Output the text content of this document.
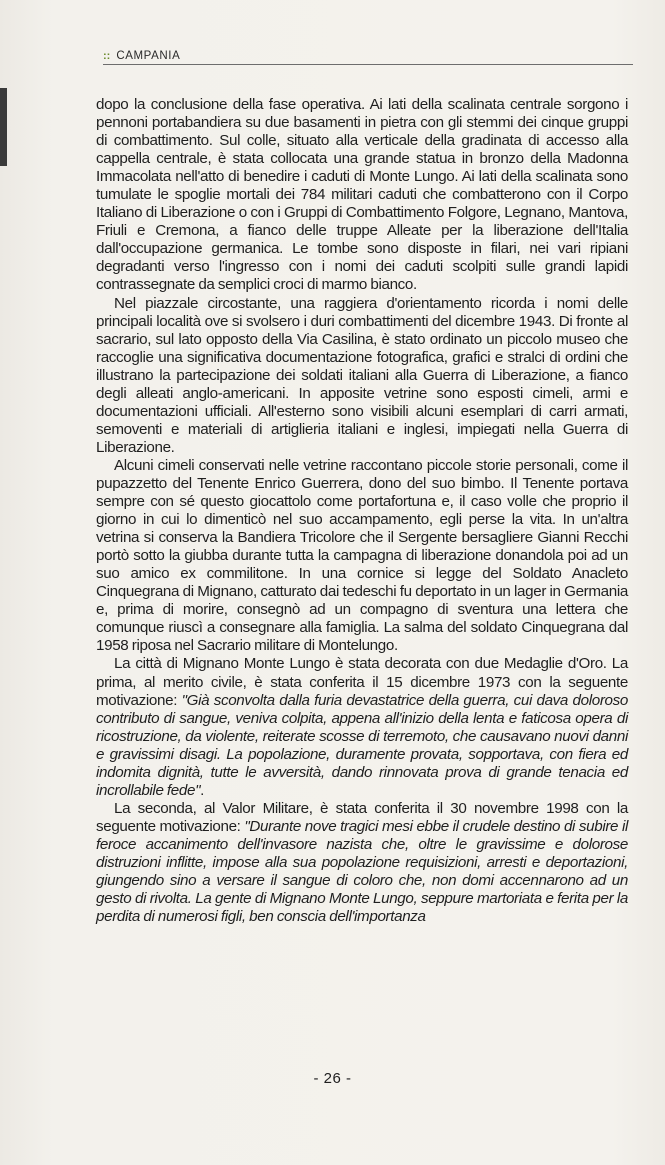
:: CAMPANIA

dopo la conclusione della fase operativa. Ai lati della scalinata centrale sorgono i pennoni portabandiera su due basamenti in pietra con gli stemmi dei cinque gruppi di combattimento. Sul colle, situato alla verticale della gradinata di accesso alla cappella centrale, è stata collocata una grande statua in bronzo della Madonna Immacolata nell'atto di benedire i caduti di Monte Lungo. Ai lati della scalinata sono tumulate le spoglie mortali dei 784 militari caduti che combatterono con il Corpo Italiano di Liberazione o con i Gruppi di Combattimento Folgore, Legnano, Mantova, Friuli e Cremona, a fianco delle truppe Alleate per la liberazione dell'Italia dall'occupazione germanica. Le tombe sono disposte in filari, nei vari ripiani degradanti verso l'ingresso con i nomi dei caduti scolpiti sulle grandi lapidi contrassegnate da semplici croci di marmo bianco.

Nel piazzale circostante, una raggiera d'orientamento ricorda i nomi delle principali località ove si svolsero i duri combattimenti del dicembre 1943. Di fronte al sacrario, sul lato opposto della Via Casilina, è stato ordinato un piccolo museo che raccoglie una significativa documentazione fotografica, grafici e stralci di ordini che illustrano la partecipazione dei soldati italiani alla Guerra di Liberazione, a fianco degli alleati anglo-americani. In apposite vetrine sono esposti cimeli, armi e documentazioni ufficiali. All'esterno sono visibili alcuni esemplari di carri armati, semoventi e materiali di artiglieria italiani e inglesi, impiegati nella Guerra di Liberazione.

Alcuni cimeli conservati nelle vetrine raccontano piccole storie personali, come il pupazzetto del Tenente Enrico Guerrera, dono del suo bimbo. Il Tenente portava sempre con sé questo giocattolo come portafortuna e, il caso volle che proprio il giorno in cui lo dimenticò nel suo accampamento, egli perse la vita. In un'altra vetrina si conserva la Bandiera Tricolore che il Sergente bersagliere Gianni Recchi portò sotto la giubba durante tutta la campagna di liberazione donandola poi ad un suo amico ex commilitone. In una cornice si legge del Soldato Anacleto Cinquegrana di Mignano, catturato dai tedeschi fu deportato in un lager in Germania e, prima di morire, consegnò ad un compagno di sventura una lettera che comunque riuscì a consegnare alla famiglia. La salma del soldato Cinquegrana dal 1958 riposa nel Sacrario militare di Montelungo.

La città di Mignano Monte Lungo è stata decorata con due Medaglie d'Oro. La prima, al merito civile, è stata conferita il 15 dicembre 1973 con la seguente motivazione: "Già sconvolta dalla furia devastatrice della guerra, cui dava doloroso contributo di sangue, veniva colpita, appena all'inizio della lenta e faticosa opera di ricostruzione, da violente, reiterate scosse di terremoto, che causavano nuovi danni e gravissimi disagi. La popolazione, duramente provata, sopportava, con fiera ed indomita dignità, tutte le avversità, dando rinnovata prova di grande tenacia ed incrollabile fede".

La seconda, al Valor Militare, è stata conferita il 30 novembre 1998 con la seguente motivazione: "Durante nove tragici mesi ebbe il crudele destino di subire il feroce accanimento dell'invasore nazista che, oltre le gravissime e dolorose distruzioni inflitte, impose alla sua popolazione requisizioni, arresti e deportazioni, giungendo sino a versare il sangue di coloro che, non domi accennarono ad un gesto di rivolta. La gente di Mignano Monte Lungo, seppure martoriata e ferita per la perdita di numerosi figli, ben conscia dell'importanza

- 26 -
